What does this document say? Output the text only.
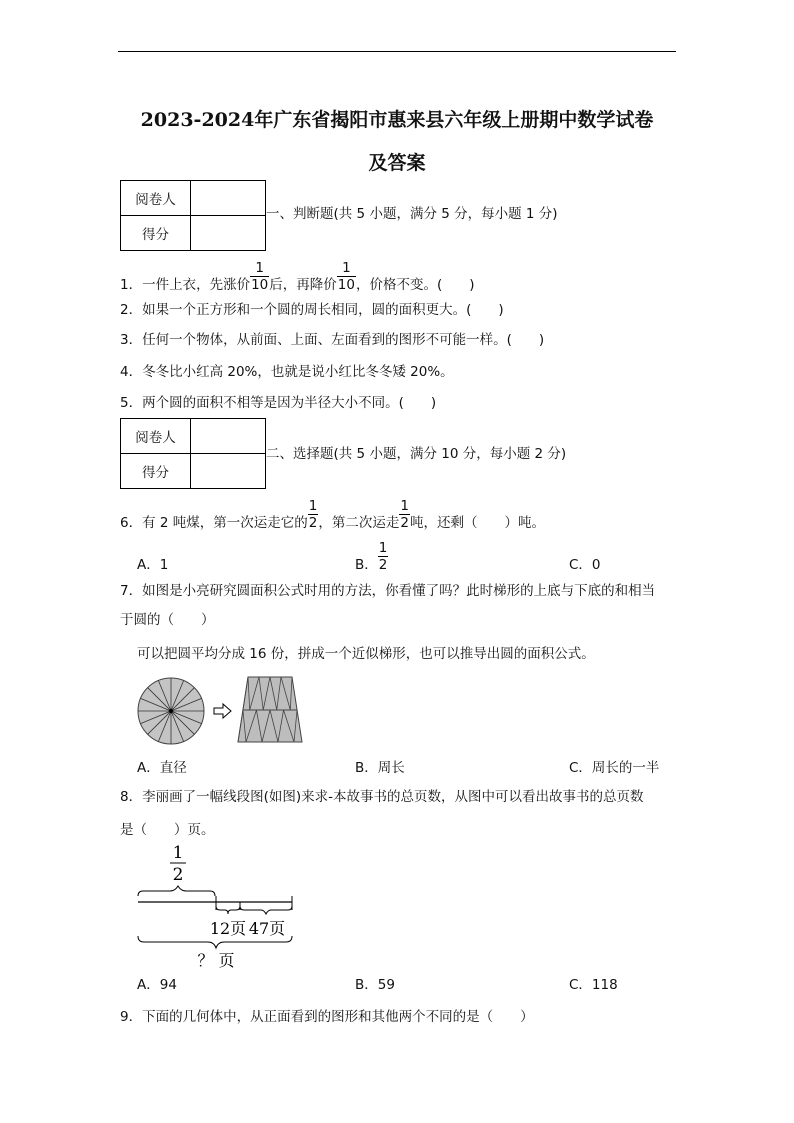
2023-2024年广东省揭阳市惠来县六年级上册期中数学试卷
及答案
阅卷人	
得分	
一、判断题(共 5 小题，满分 5 分，每小题 1 分)
1．一件上衣，先涨价 $\frac{1}{10}$后，再降价 $\frac{1}{10}$，价格不变。(　　)
2．如果一个正方形和一个圆的周长相同，圆的面积更大。(　　)
3．任何一个物体，从前面、上面、左面看到的图形不可能一样。(　　)
4．冬冬比小红高 20%，也就是说小红比冬冬矮 20%。
5．两个圆的面积不相等是因为半径大小不同。(　　)
阅卷人	
得分	
二、选择题(共 5 小题，满分 10 分，每小题 2 分)
6．有 2 吨煤，第一次运走它的 $\frac{1}{2}$，第二次运走 $\frac{1}{2}$吨，还剩（　　）吨。
A．1	B． $\frac{1}{2}$	C．0
7．如图是小亮研究圆面积公式时用的方法，你看懂了吗？此时梯形的上底与下底的和相当
于圆的（　　）
可以把圆平均分成 16 份，拼成一个近似梯形，也可以推导出圆的面积公式。
A．直径	B．周长	C．周长的一半
8．李丽画了一幅线段图(如图)来求-本故事书的总页数，从图中可以看出故事书的总页数
是（　　）页。
1
2
12页 47页
？ 页
A．94	B．59	C．118
9．下面的几何体中，从正面看到的图形和其他两个不同的是（　　）
